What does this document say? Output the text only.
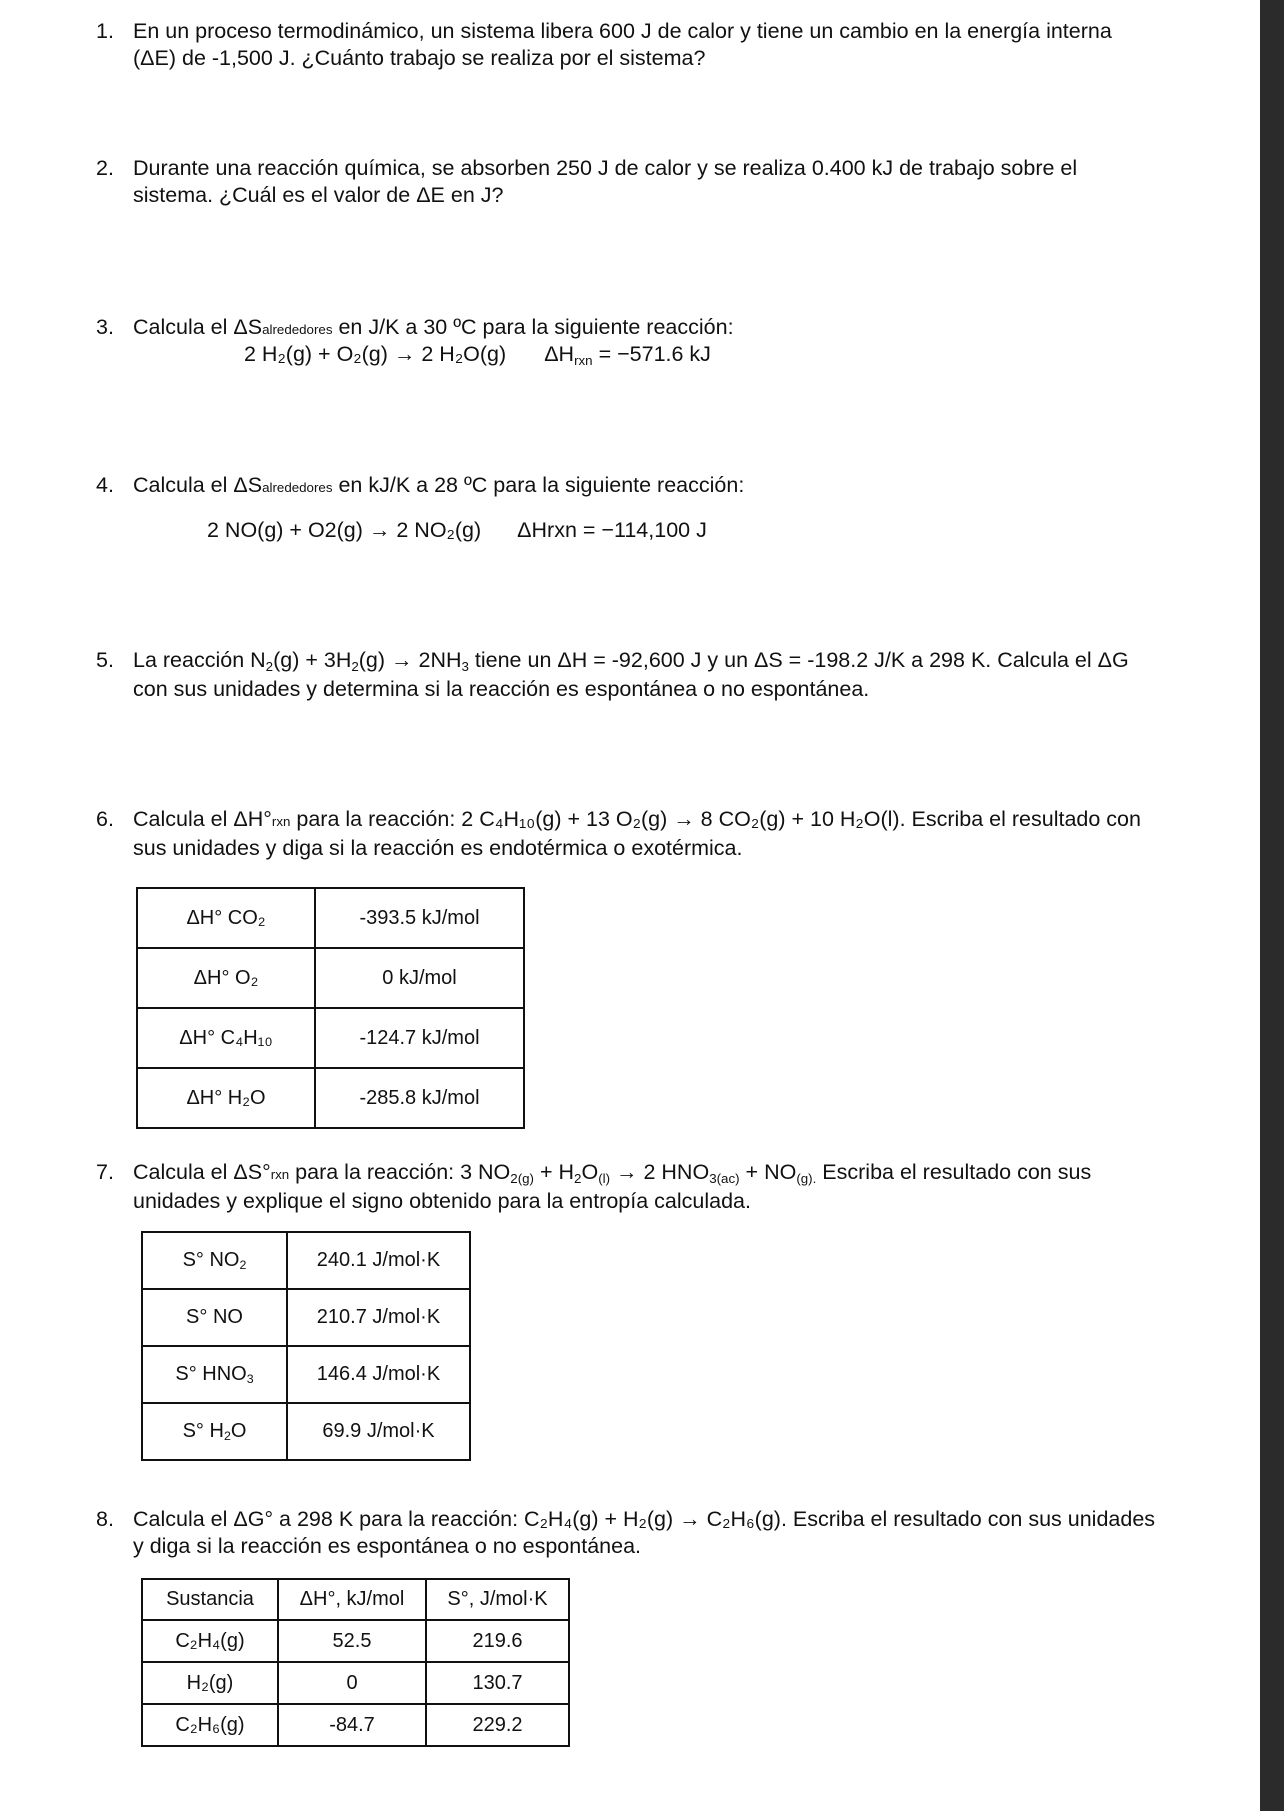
1. En un proceso termodinámico, un sistema libera 600 J de calor y tiene un cambio en la energía interna
(ΔE) de -1,500 J. ¿Cuánto trabajo se realiza por el sistema?
2. Durante una reacción química, se absorben 250 J de calor y se realiza 0.400 kJ de trabajo sobre el
sistema. ¿Cuál es el valor de ΔE en J?
3. Calcula el ΔSalrededores en J/K a 30 ºC para la siguiente reacción:
2 H₂(g) + O₂(g) → 2 H₂O(g) $\Delta H_{rxn} = -571.6$ kJ
4. Calcula el ΔSalrededores en kJ/K a 28 ºC para la siguiente reacción:
2 NO(g) + O2(g) → 2 NO₂(g) ΔHrxn = −114,100 J
5. La reacción $N_2(g) + 3H_2(g) \to 2NH_3$ tiene un ΔH = -92,600 J y un ΔS = -198.2 J/K a 298 K. Calcula el ΔG
con sus unidades y determina si la reacción es espontánea o no espontánea.
6. Calcula el ΔH°rxn para la reacción: 2 C₄H₁₀(g) + 13 O₂(g) → 8 CO₂(g) + 10 H₂O(l). Escriba el resultado con
sus unidades y diga si la reacción es endotérmica o exotérmica.
ΔH° CO₂	-393.5 kJ/mol
ΔH° O₂	0 kJ/mol
ΔH° C₄H₁₀	-124.7 kJ/mol
ΔH° H₂O	-285.8 kJ/mol
7. Calcula el ΔS°rxn para la reacción: 3 $NO_{2(g)} + H_2O_{(l)} \to 2$ $HNO_{3(ac)} + NO_{(g).}$ Escriba el resultado con sus
unidades y explique el signo obtenido para la entropía calculada.
S° $NO_2$	240.1 J/mol·K
S° NO	210.7 J/mol·K
S° $HNO_3$	146.4 J/mol·K
S° $H_2O$	69.9 J/mol·K
8. Calcula el ΔG° a 298 K para la reacción: C₂H₄(g) + H₂(g) → C₂H₆(g). Escriba el resultado con sus unidades
y diga si la reacción es espontánea o no espontánea.
Sustancia	ΔH°, kJ/mol	S°, J/mol·K
C₂H₄(g)	52.5	219.6
H₂(g)	0	130.7
C₂H₆(g)	-84.7	229.2
